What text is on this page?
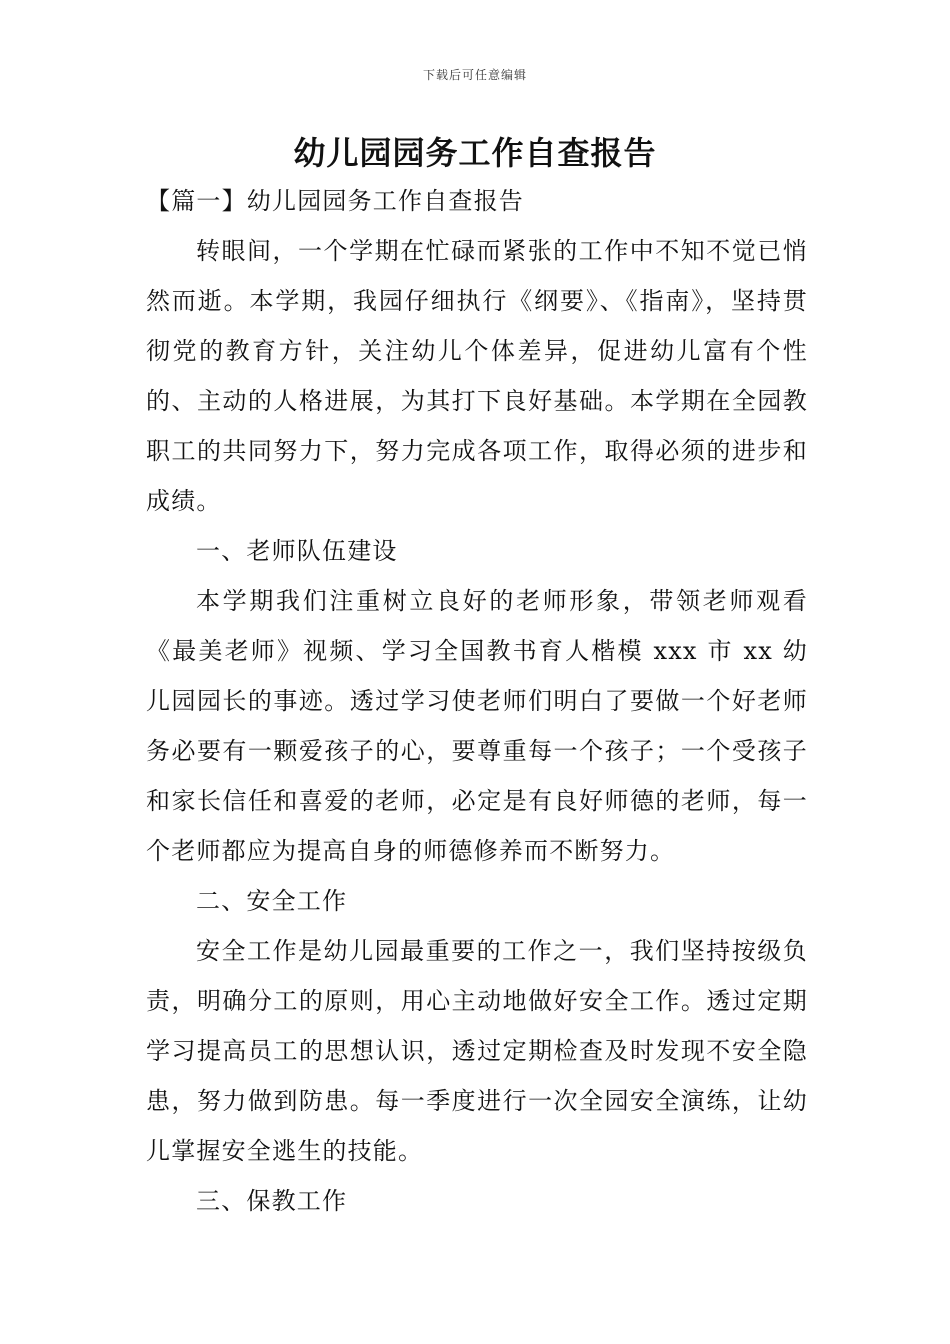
下载后可任意编辑
幼儿园园务工作自查报告

【篇一】幼儿园园务工作自查报告

转眼间，一个学期在忙碌而紧张的工作中不知不觉已悄然而逝。本学期，我园仔细执行《纲要》、《指南》，坚持贯彻党的教育方针，关注幼儿个体差异，促进幼儿富有个性的、主动的人格进展，为其打下良好基础。本学期在全园教职工的共同努力下，努力完成各项工作，取得必须的进步和成绩。

一、老师队伍建设

本学期我们注重树立良好的老师形象，带领老师观看《最美老师》视频、学习全国教书育人楷模 xxx 市 xx 幼儿园园长的事迹。透过学习使老师们明白了要做一个好老师务必要有一颗爱孩子的心，要尊重每一个孩子；一个受孩子和家长信任和喜爱的老师，必定是有良好师德的老师，每一个老师都应为提高自身的师德修养而不断努力。

二、安全工作

安全工作是幼儿园最重要的工作之一，我们坚持按级负责，明确分工的原则，用心主动地做好安全工作。透过定期学习提高员工的思想认识，透过定期检查及时发现不安全隐患，努力做到防患。每一季度进行一次全园安全演练，让幼儿掌握安全逃生的技能。

三、保教工作
